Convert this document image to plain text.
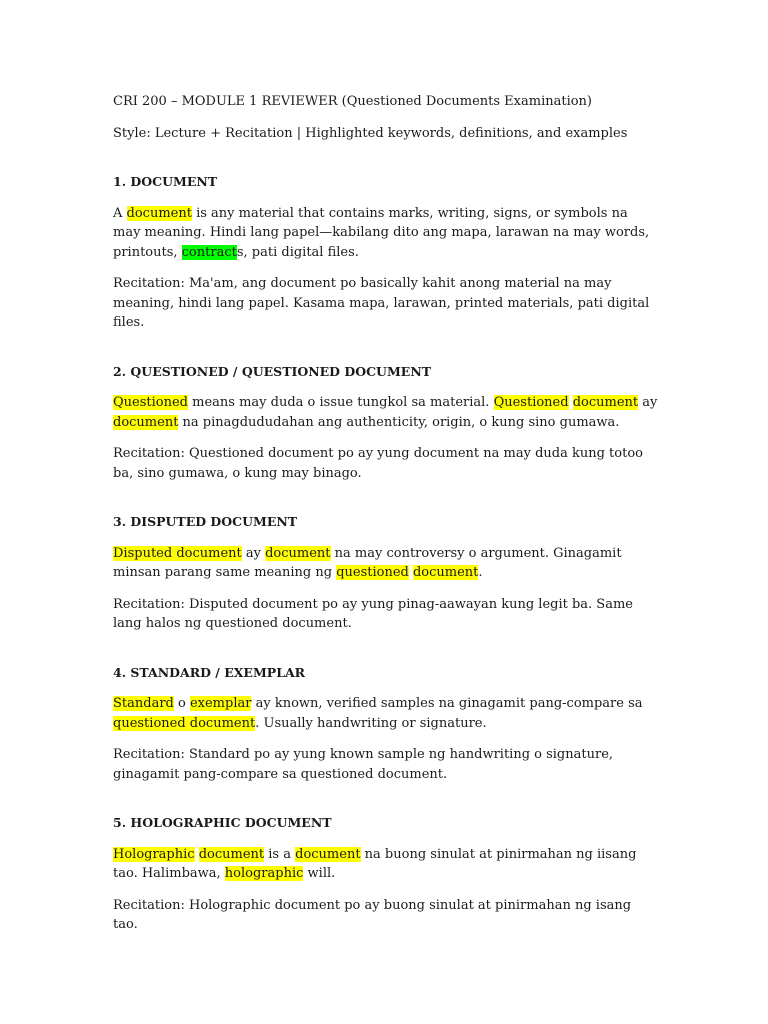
CRI 200 – MODULE 1 REVIEWER (Questioned Documents Examination)

Style: Lecture + Recitation | Highlighted keywords, definitions, and examples

1. DOCUMENT

A document is any material that contains marks, writing, signs, or symbols na may meaning. Hindi lang papel—kabilang dito ang mapa, larawan na may words, printouts, contracts, pati digital files.

Recitation: Ma'am, ang document po basically kahit anong material na may meaning, hindi lang papel. Kasama mapa, larawan, printed materials, pati digital files.

2. QUESTIONED / QUESTIONED DOCUMENT

Questioned means may duda o issue tungkol sa material. Questioned document ay document na pinagdududahan ang authenticity, origin, o kung sino gumawa.

Recitation: Questioned document po ay yung document na may duda kung totoo ba, sino gumawa, o kung may binago.

3. DISPUTED DOCUMENT

Disputed document ay document na may controversy o argument. Ginagamit minsan parang same meaning ng questioned document.

Recitation: Disputed document po ay yung pinag-aawayan kung legit ba. Same lang halos ng questioned document.

4. STANDARD / EXEMPLAR

Standard o exemplar ay known, verified samples na ginagamit pang-compare sa questioned document. Usually handwriting or signature.

Recitation: Standard po ay yung known sample ng handwriting o signature, ginagamit pang-compare sa questioned document.

5. HOLOGRAPHIC DOCUMENT

Holographic document is a document na buong sinulat at pinirmahan ng iisang tao. Halimbawa, holographic will.

Recitation: Holographic document po ay buong sinulat at pinirmahan ng isang tao.
